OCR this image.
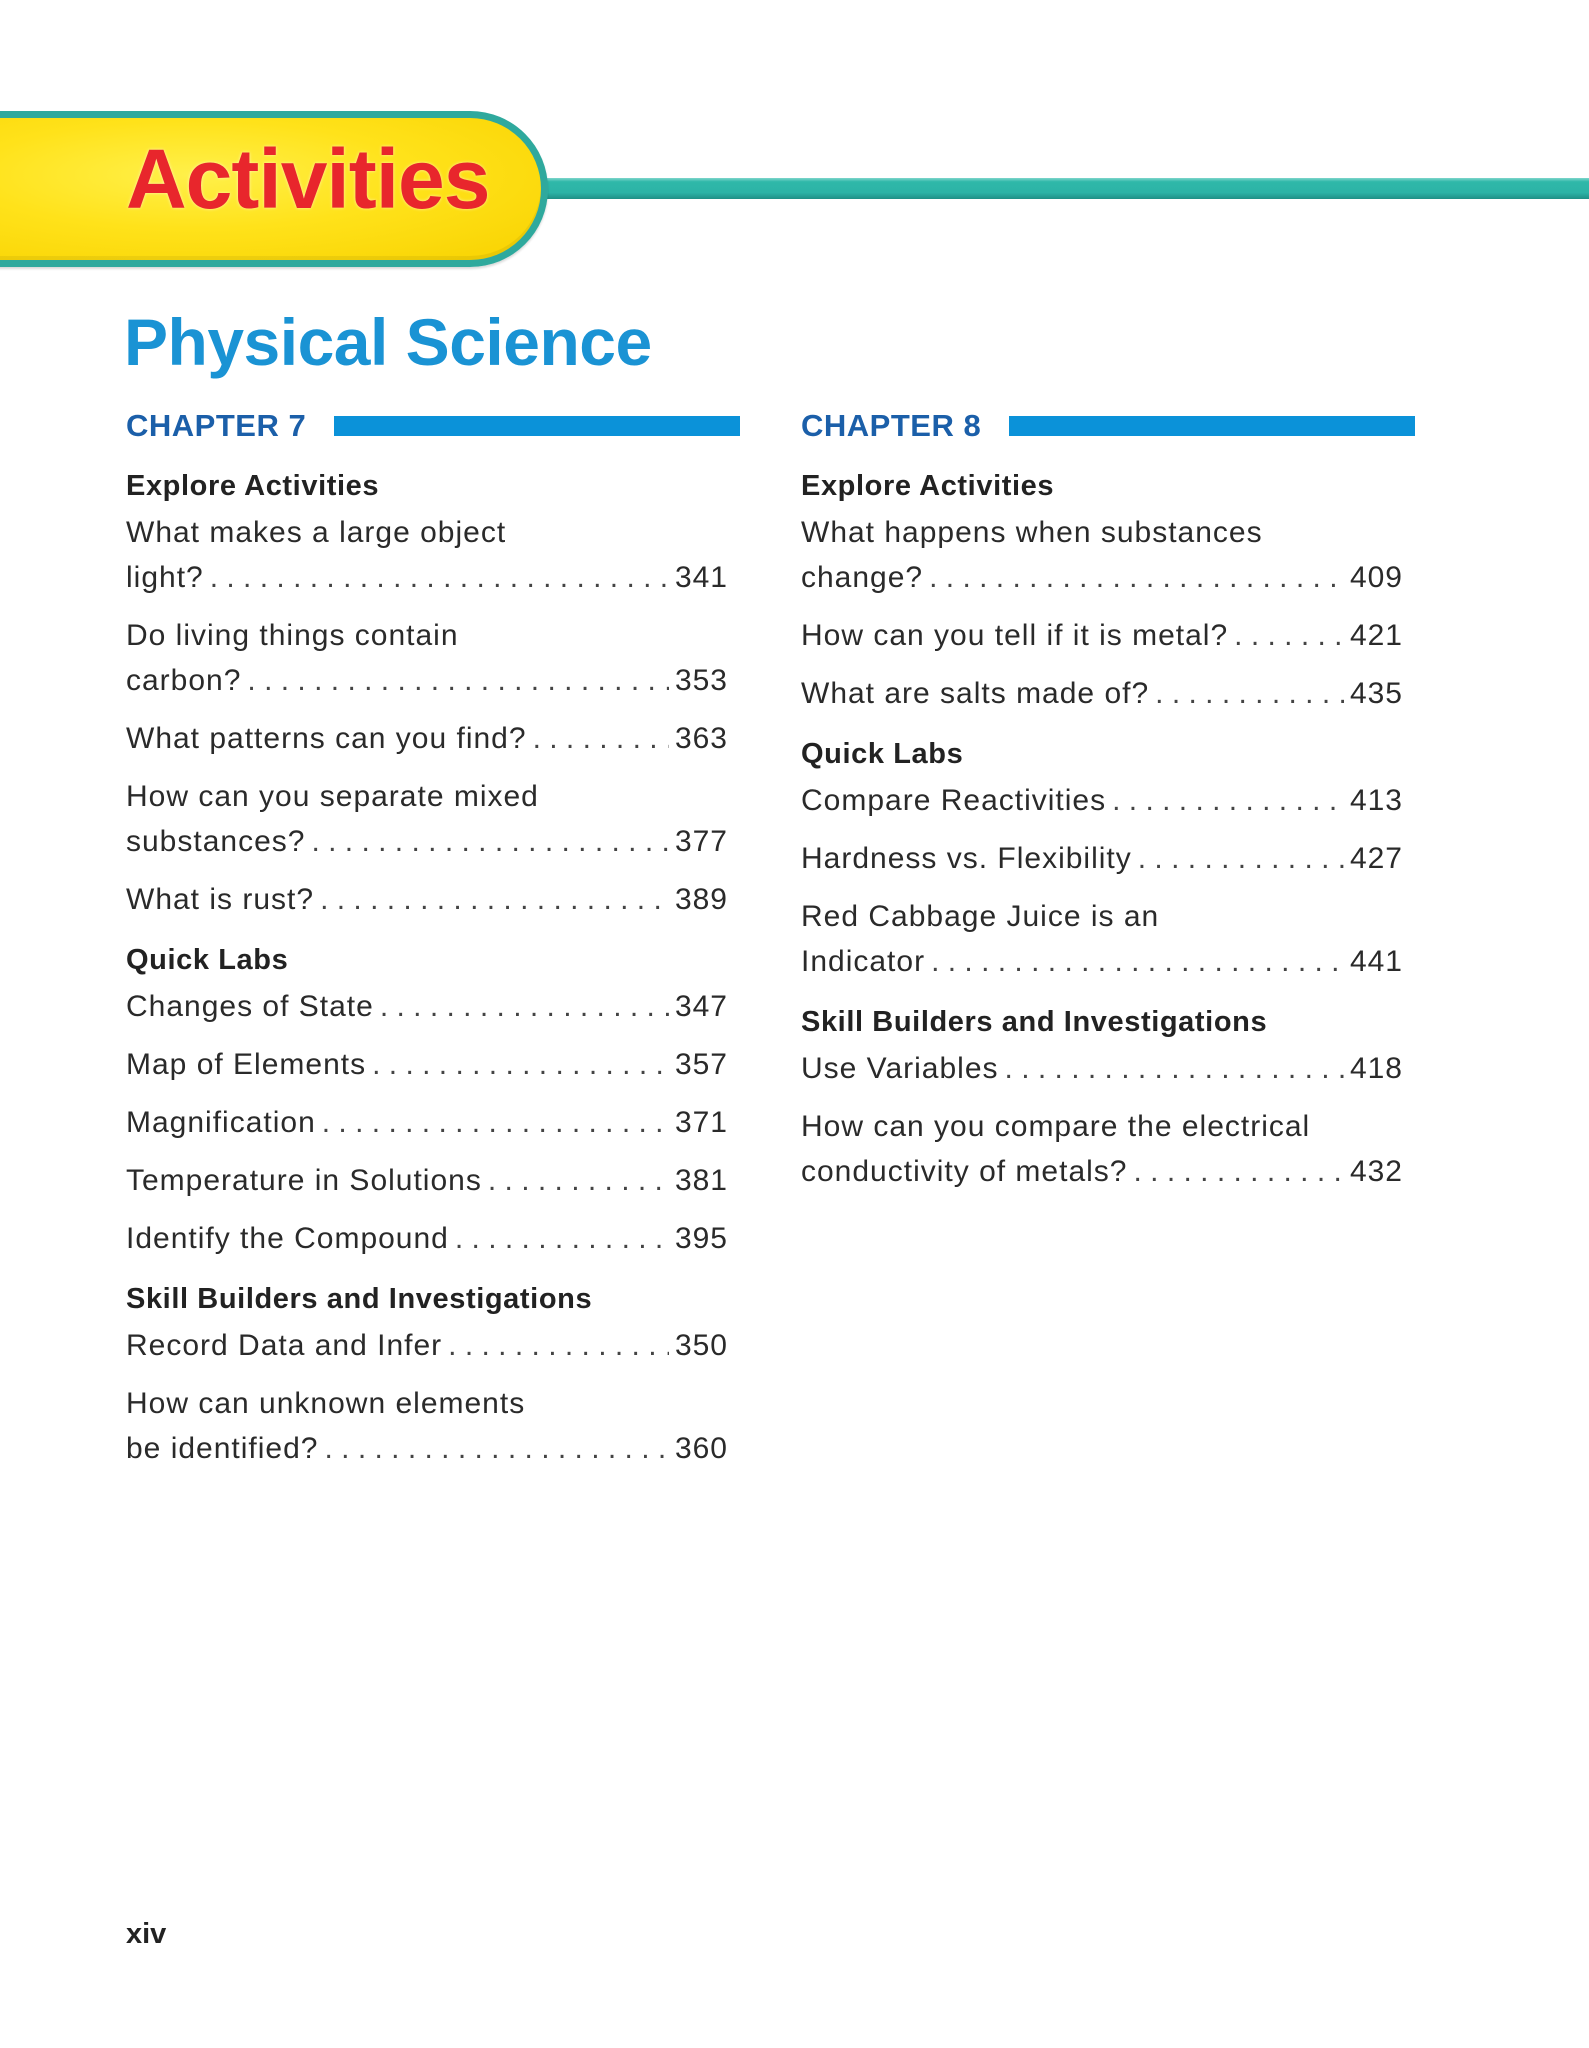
Activities
Physical Science
CHAPTER 7
Explore Activities
What makes a large object
light? . . .	341
Do living things contain
carbon? . . .	353
What patterns can you find? . . .	363
How can you separate mixed
substances? . . .	377
What is rust? . . .	389
Quick Labs
Changes of State . . .	347
Map of Elements . . .	357
Magnification . . .	371
Temperature in Solutions . . .	381
Identify the Compound . . .	395
Skill Builders and Investigations
Record Data and Infer . . .	350
How can unknown elements
be identified? . . .	360
CHAPTER 8
Explore Activities
What happens when substances
change? . . .	409
How can you tell if it is metal? . . .	421
What are salts made of? . . .	435
Quick Labs
Compare Reactivities . . .	413
Hardness vs. Flexibility . . .	427
Red Cabbage Juice is an
Indicator . . .	441
Skill Builders and Investigations
Use Variables . . .	418
How can you compare the electrical
conductivity of metals? . . .	432
xiv
